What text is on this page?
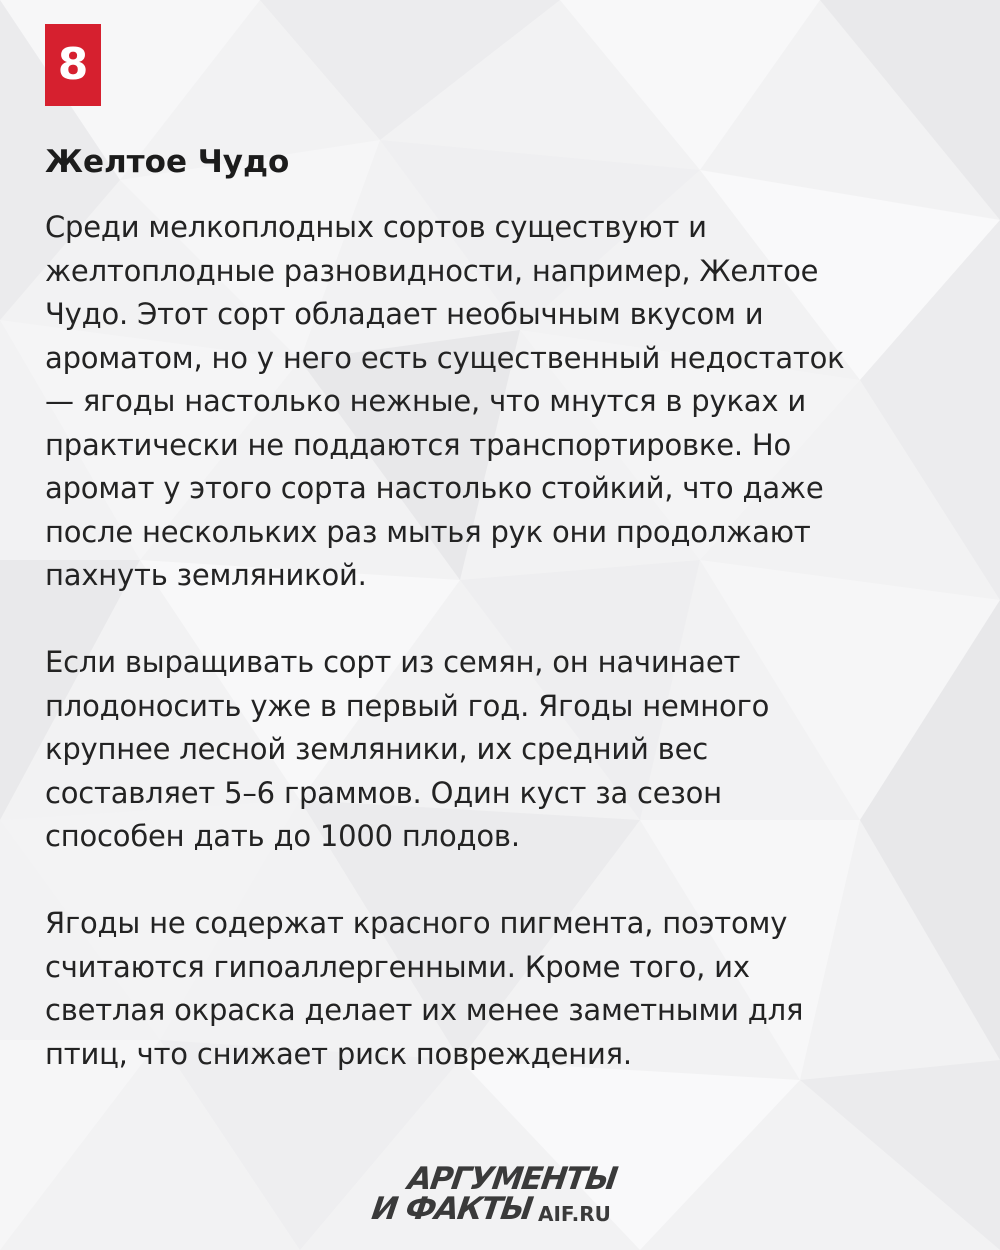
8
Желтое Чудо

Среди мелкоплодных сортов существуют и
желтоплодные разновидности, например, Желтое
Чудо. Этот сорт обладает необычным вкусом и
ароматом, но у него есть существенный недостаток
— ягоды настолько нежные, что мнутся в руках и
практически не поддаются транспортировке. Но
аромат у этого сорта настолько стойкий, что даже
после нескольких раз мытья рук они продолжают
пахнуть земляникой.

Если выращивать сорт из семян, он начинает
плодоносить уже в первый год. Ягоды немного
крупнее лесной земляники, их средний вес
составляет 5–6 граммов. Один куст за сезон
способен дать до 1000 плодов.

Ягоды не содержат красного пигмента, поэтому
считаются гипоаллергенными. Кроме того, их
светлая окраска делает их менее заметными для
птиц, что снижает риск повреждения.

АРГУМЕНТЫ
И ФАКТЫ AIF.RU
